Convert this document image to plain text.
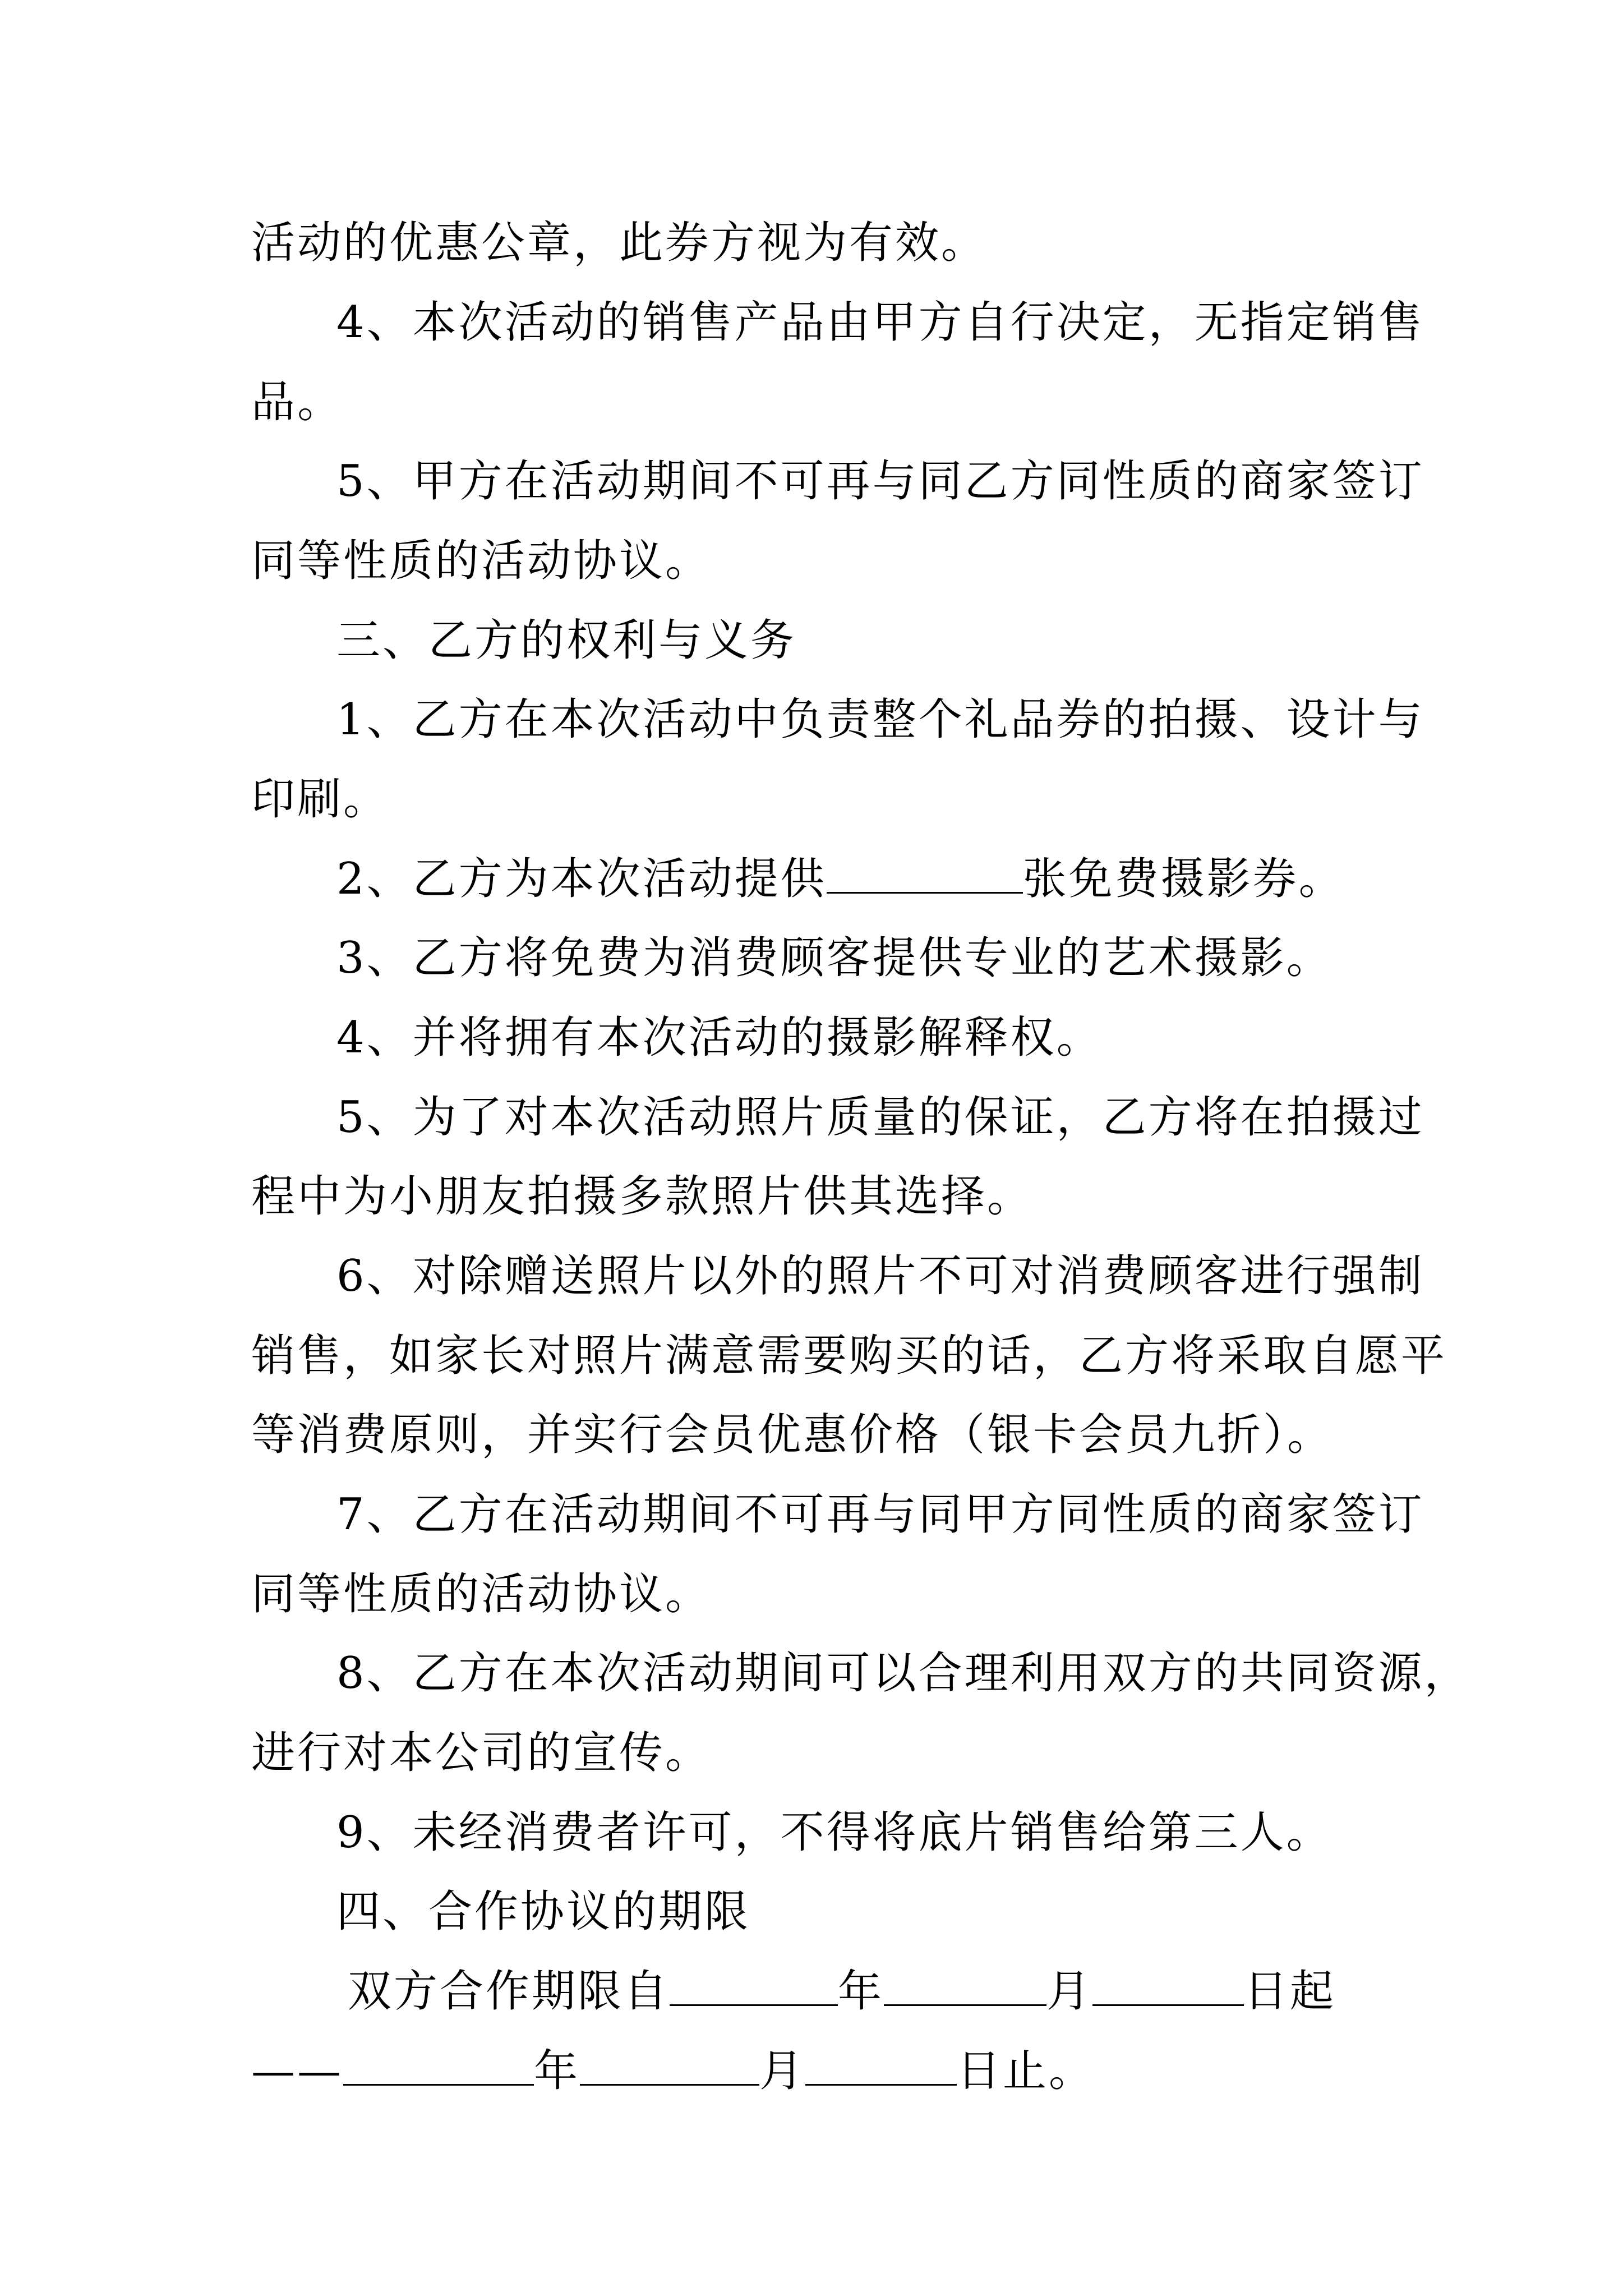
活动的优惠公章，此券方视为有效。
4、本次活动的销售产品由甲方自行决定，无指定销售
品。
5、甲方在活动期间不可再与同乙方同性质的商家签订
同等性质的活动协议。
三、乙方的权利与义务
1、乙方在本次活动中负责整个礼品券的拍摄、设计与
印刷。
2、乙方为本次活动提供	张免费摄影券。
3、乙方将免费为消费顾客提供专业的艺术摄影。
4、并将拥有本次活动的摄影解释权。
5、为了对本次活动照片质量的保证，乙方将在拍摄过
程中为小朋友拍摄多款照片供其选择。
6、对除赠送照片以外的照片不可对消费顾客进行强制
销售，如家长对照片满意需要购买的话，乙方将采取自愿平
等消费原则，并实行会员优惠价格（银卡会员九折）。
7、乙方在活动期间不可再与同甲方同性质的商家签订
同等性质的活动协议。
8、乙方在本次活动期间可以合理利用双方的共同资源，
进行对本公司的宣传。
9、未经消费者许可，不得将底片销售给第三人。
四、合作协议的期限
双方合作期限自	年	月	日起
——	年	月	日止。
